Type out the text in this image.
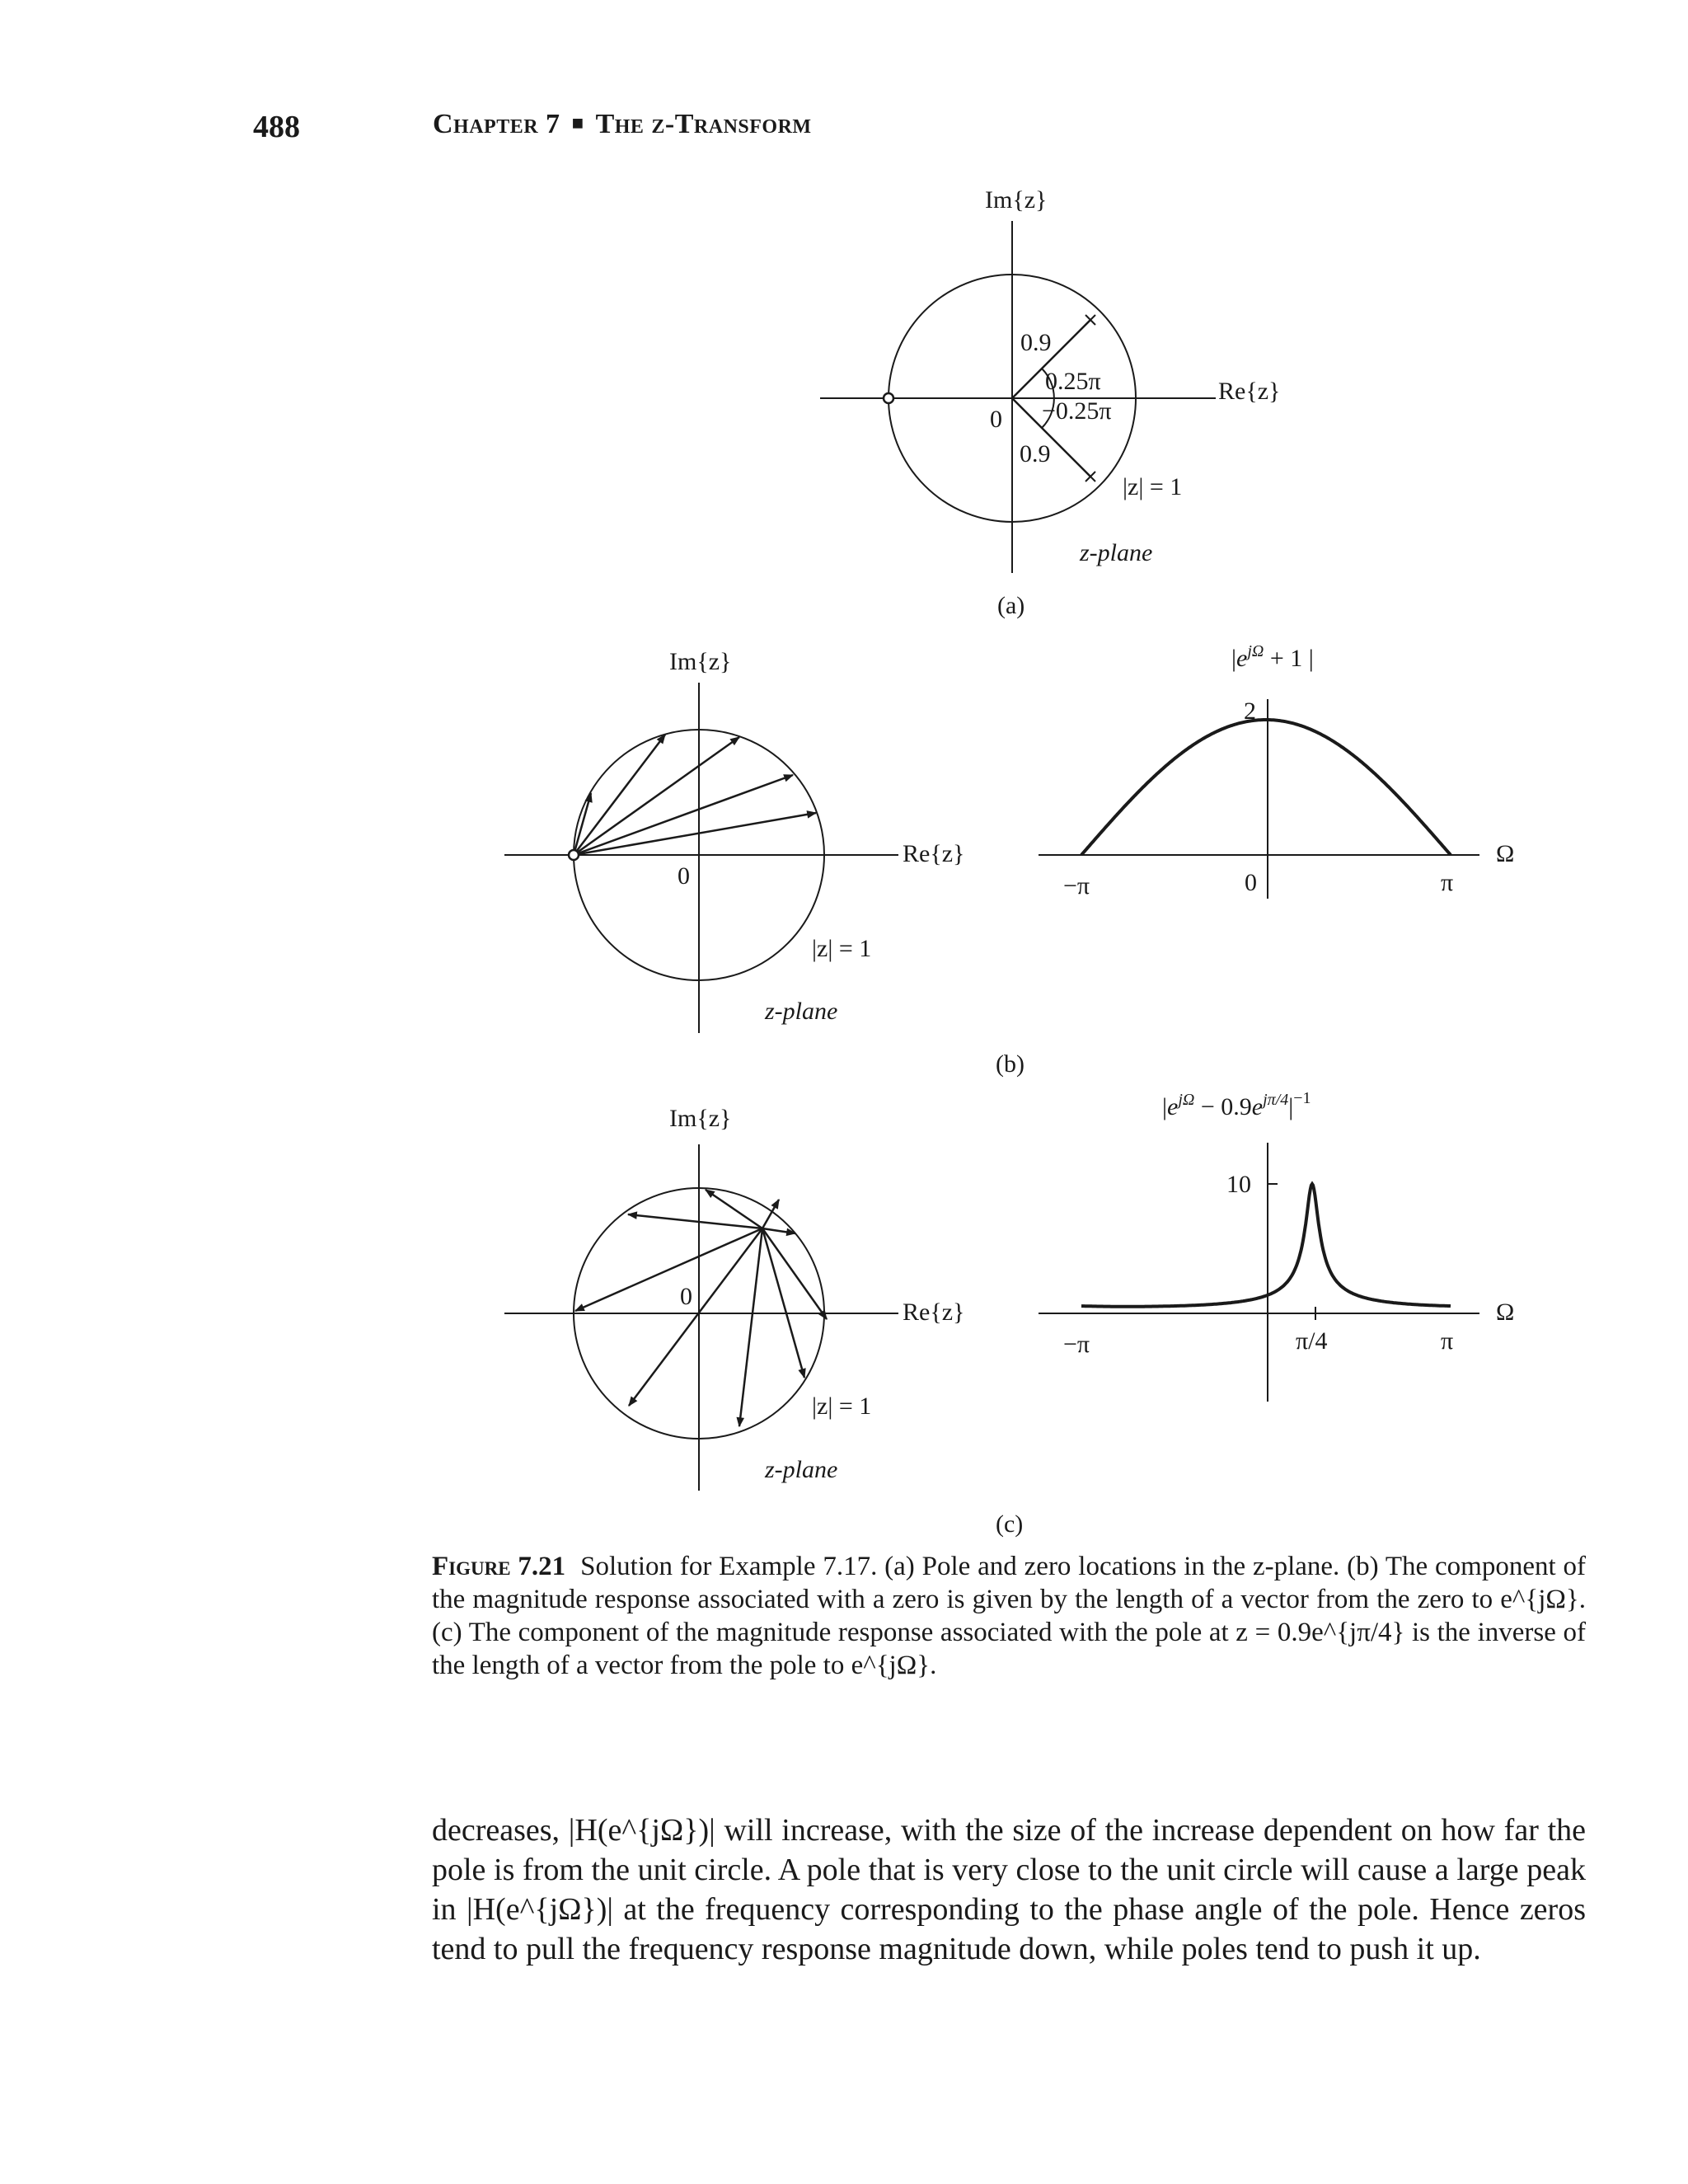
488	Chapter 7 ■ The z-Transform
Im{z}
Re{z}
0
0.9
0.25π
−0.25π
0.9
|z| = 1
z-plane
(a)
Im{z}
Re{z}
0
|z| = 1
z-plane
$|e^{j\Omega} + 1$ |
2
−π	0	π
Ω
(b)
Im{z}
Re{z}
0
|z| = 1
z-plane
$|e^{j\Omega} - 0.9e^{j\pi/4}|^{-1}$
10
−π	π/4	π
Ω
(c)
Figure 7.21 Solution for Example 7.17. (a) Pole and zero locations in the z-plane. (b) The component of the magnitude response associated with a zero is given by the length of a vector from the zero to e^{jΩ}. (c) The component of the magnitude response associated with the pole at z = 0.9e^{jπ/4} is the inverse of the length of a vector from the pole to e^{jΩ}.

decreases, |H(e^{jΩ})| will increase, with the size of the increase dependent on how far the pole is from the unit circle. A pole that is very close to the unit circle will cause a large peak in |H(e^{jΩ})| at the frequency corresponding to the phase angle of the pole. Hence zeros tend to pull the frequency response magnitude down, while poles tend to push it up.
